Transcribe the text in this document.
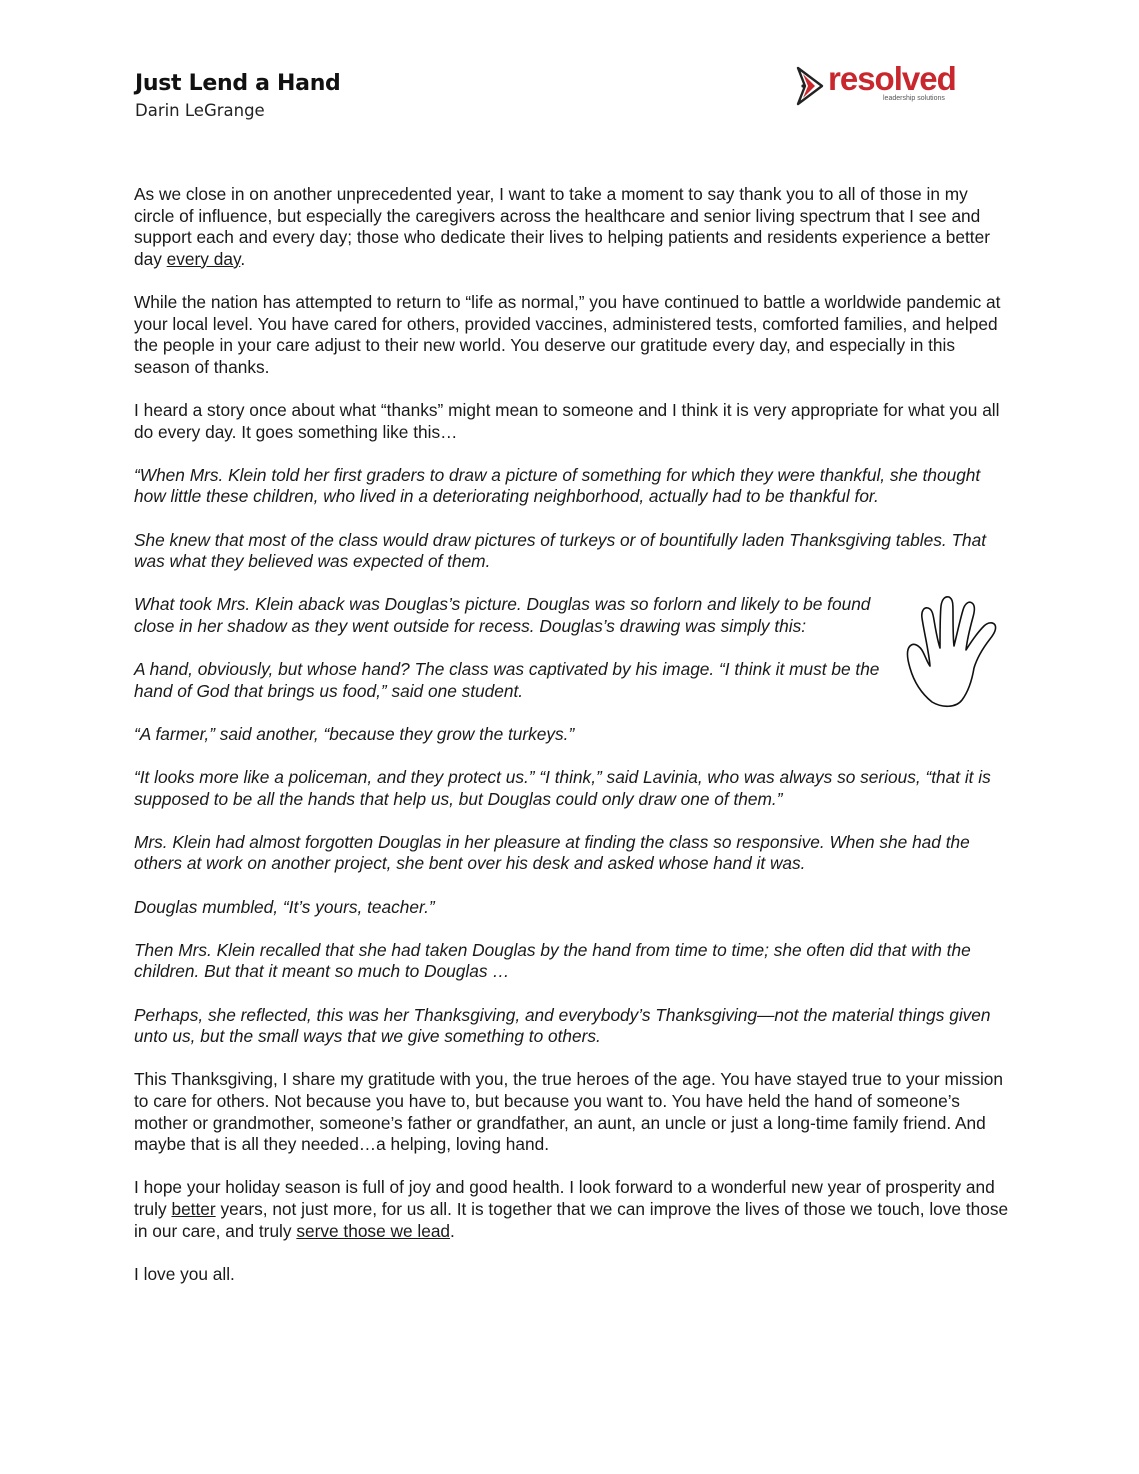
Just Lend a Hand
Darin LeGrange
resolved
leadership solutions

As we close in on another unprecedented year, I want to take a moment to say thank you to all of those in my circle of influence, but especially the caregivers across the healthcare and senior living spectrum that I see and support each and every day; those who dedicate their lives to helping patients and residents experience a better day every day.

While the nation has attempted to return to “life as normal,” you have continued to battle a worldwide pandemic at your local level. You have cared for others, provided vaccines, administered tests, comforted families, and helped the people in your care adjust to their new world. You deserve our gratitude every day, and especially in this season of thanks.

I heard a story once about what “thanks” might mean to someone and I think it is very appropriate for what you all do every day. It goes something like this…

“When Mrs. Klein told her first graders to draw a picture of something for which they were thankful, she thought how little these children, who lived in a deteriorating neighborhood, actually had to be thankful for.

She knew that most of the class would draw pictures of turkeys or of bountifully laden Thanksgiving tables. That was what they believed was expected of them.

What took Mrs. Klein aback was Douglas’s picture. Douglas was so forlorn and likely to be found close in her shadow as they went outside for recess. Douglas’s drawing was simply this:

A hand, obviously, but whose hand? The class was captivated by his image. “I think it must be the hand of God that brings us food,” said one student.

“A farmer,” said another, “because they grow the turkeys.”

“It looks more like a policeman, and they protect us.” “I think,” said Lavinia, who was always so serious, “that it is supposed to be all the hands that help us, but Douglas could only draw one of them.”

Mrs. Klein had almost forgotten Douglas in her pleasure at finding the class so responsive. When she had the others at work on another project, she bent over his desk and asked whose hand it was.

Douglas mumbled, “It’s yours, teacher.”

Then Mrs. Klein recalled that she had taken Douglas by the hand from time to time; she often did that with the children. But that it meant so much to Douglas …

Perhaps, she reflected, this was her Thanksgiving, and everybody’s Thanksgiving—not the material things given unto us, but the small ways that we give something to others.

This Thanksgiving, I share my gratitude with you, the true heroes of the age. You have stayed true to your mission to care for others. Not because you have to, but because you want to. You have held the hand of someone’s mother or grandmother, someone’s father or grandfather, an aunt, an uncle or just a long-time family friend. And maybe that is all they needed…a helping, loving hand.

I hope your holiday season is full of joy and good health. I look forward to a wonderful new year of prosperity and truly better years, not just more, for us all. It is together that we can improve the lives of those we touch, love those in our care, and truly serve those we lead.

I love you all.
